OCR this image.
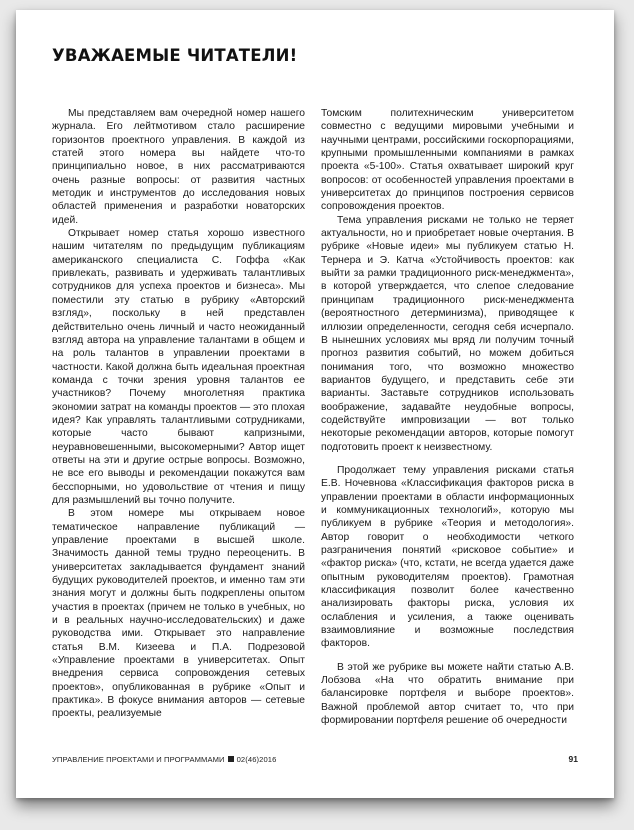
УВАЖАЕМЫЕ ЧИТАТЕЛИ!

Мы представляем вам очередной номер нашего журнала. Его лейтмотивом стало расширение горизонтов проектного управления. В каждой из статей этого номера вы найдете что-то принципиально новое, в них рассматриваются очень разные вопросы: от развития частных методик и инструментов до исследования новых областей применения и разработки новаторских идей.

Открывает номер статья хорошо известного нашим читателям по предыдущим публикациям американского специалиста С. Гоффа «Как привлекать, развивать и удерживать талантливых сотрудников для успеха проектов и бизнеса». Мы поместили эту статью в рубрику «Авторский взгляд», поскольку в ней представлен действительно очень личный и часто неожиданный взгляд автора на управление талантами в общем и на роль талантов в управлении проектами в частности. Какой должна быть идеальная проектная команда с точки зрения уровня талантов ее участников? Почему многолетняя практика экономии затрат на команды проектов — это плохая идея? Как управлять талантливыми сотрудниками, которые часто бывают капризными, неуравновешенными, высокомерными? Автор ищет ответы на эти и другие острые вопросы. Возможно, не все его выводы и рекомендации покажутся вам бесспорными, но удовольствие от чтения и пищу для размышлений вы точно получите.

В этом номере мы открываем новое тематическое направление публикаций — управление проектами в высшей школе. Значимость данной темы трудно переоценить. В университетах закладывается фундамент знаний будущих руководителей проектов, и именно там эти знания могут и должны быть подкреплены опытом участия в проектах (причем не только в учебных, но и в реальных научно-исследовательских) и даже руководства ими. Открывает это направление статья В.М. Кизеева и П.А. Подрезовой «Управление проектами в университетах. Опыт внедрения сервиса сопровождения сетевых проектов», опубликованная в рубрике «Опыт и практика». В фокусе внимания авторов — сетевые проекты, реализуемые

Томским политехническим университетом совместно с ведущими мировыми учебными и научными центрами, российскими госкорпорациями, крупными промышленными компаниями в рамках проекта «5-100». Статья охватывает широкий круг вопросов: от особенностей управления проектами в университетах до принципов построения сервисов сопровождения проектов.

Тема управления рисками не только не теряет актуальности, но и приобретает новые очертания. В рубрике «Новые идеи» мы публикуем статью Н. Тернера и Э. Катча «Устойчивость проектов: как выйти за рамки традиционного риск-менеджмента», в которой утверждается, что слепое следование принципам традиционного риск-менеджмента (вероятностного детерминизма), приводящее к иллюзии определенности, сегодня себя исчерпало. В нынешних условиях мы вряд ли получим точный прогноз развития событий, но можем добиться понимания того, что возможно множество вариантов будущего, и представить себе эти варианты. Заставьте сотрудников использовать воображение, задавайте неудобные вопросы, содействуйте импровизации — вот только некоторые рекомендации авторов, которые помогут подготовить проект к неизвестному.

Продолжает тему управления рисками статья Е.В. Ночевнова «Классификация факторов риска в управлении проектами в области информационных и коммуникационных технологий», которую мы публикуем в рубрике «Теория и методология». Автор говорит о необходимости четкого разграничения понятий «рисковое событие» и «фактор риска» (что, кстати, не всегда удается даже опытным руководителям проектов). Грамотная классификация позволит более качественно анализировать факторы риска, условия их ослабления и усиления, а также оценивать взаимовлияние и возможные последствия факторов.

В этой же рубрике вы можете найти статью А.В. Лобзова «На что обратить внимание при балансировке портфеля и выборе проектов». Важной проблемой автор считает то, что при формировании портфеля решение об очередности

УПРАВЛЕНИЕ ПРОЕКТАМИ И ПРОГРАММАМИ 02(46)2016	91
